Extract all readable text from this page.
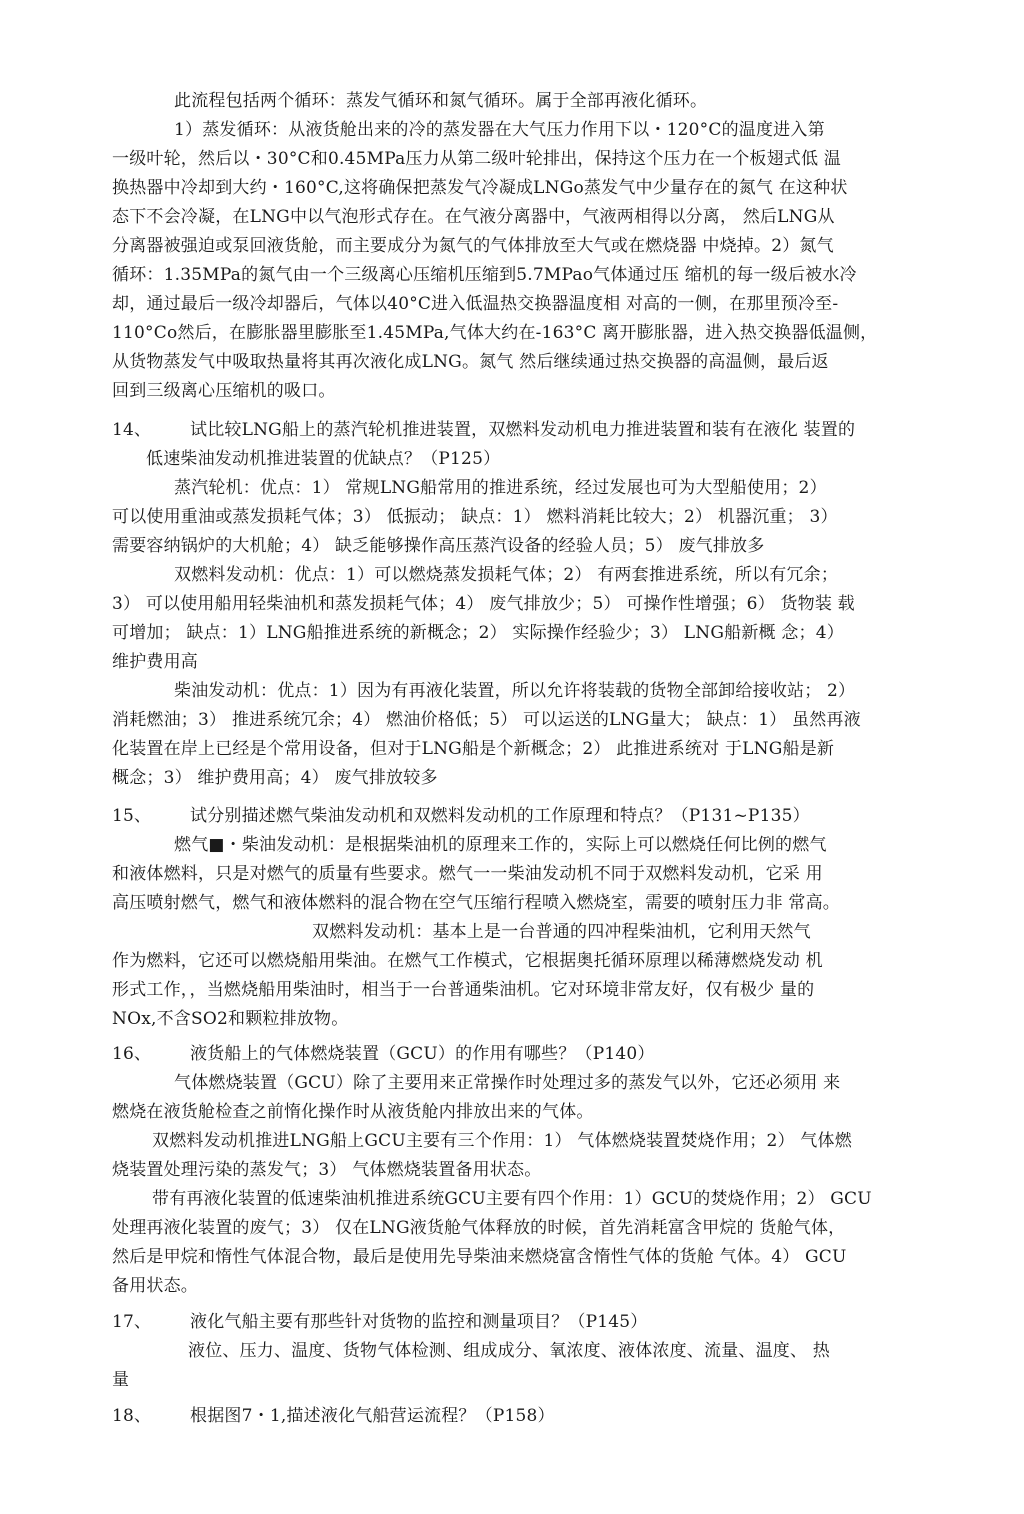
此流程包括两个循环：蒸发气循环和氮气循环。属于全部再液化循环。
1）蒸发循环：从液货舱出来的冷的蒸发器在大气压力作用下以・120°C的温度进入第
一级叶轮，然后以・30°C和0.45MPa压力从第二级叶轮排出，保持这个压力在一个板翅式低 温
换热器中冷却到大约・160°C,这将确保把蒸发气冷凝成LNGo蒸发气中少量存在的氮气 在这种状
态下不会冷凝，在LNG中以气泡形式存在。在气液分离器中，气液两相得以分离， 然后LNG从
分离器被强迫或泵回液货舱，而主要成分为氮气的气体排放至大气或在燃烧器 中烧掉。2）氮气
循环：1.35MPa的氮气由一个三级离心压缩机压缩到5.7MPao气体通过压 缩机的每一级后被水冷
却，通过最后一级冷却器后，气体以40°C进入低温热交换器温度相 对高的一侧，在那里预冷至-
110°Co然后，在膨胀器里膨胀至1.45MPa,气体大约在-163°C 离开膨胀器，进入热交换器低温侧，
从货物蒸发气中吸取热量将其再次液化成LNG。氮气 然后继续通过热交换器的高温侧，最后返
回到三级离心压缩机的吸口。
14、 试比较LNG船上的蒸汽轮机推进装置，双燃料发动机电力推进装置和装有在液化 装置的
低速柴油发动机推进装置的优缺点？（P125）
蒸汽轮机：优点：1） 常规LNG船常用的推进系统，经过发展也可为大型船使用；2）
可以使用重油或蒸发损耗气体；3） 低振动； 缺点：1） 燃料消耗比较大；2） 机器沉重； 3）
需要容纳锅炉的大机舱；4） 缺乏能够操作高压蒸汽设备的经验人员；5） 废气排放多
双燃料发动机：优点：1）可以燃烧蒸发损耗气体；2） 有两套推进系统，所以有冗余；
3） 可以使用船用轻柴油机和蒸发损耗气体；4） 废气排放少；5） 可操作性增强；6） 货物装 载
可增加； 缺点：1）LNG船推进系统的新概念；2） 实际操作经验少；3） LNG船新概 念；4）
维护费用高
柴油发动机：优点：1）因为有再液化装置，所以允许将装载的货物全部卸给接收站； 2）
消耗燃油；3） 推进系统冗余；4） 燃油价格低；5） 可以运送的LNG量大； 缺点：1） 虽然再液
化装置在岸上已经是个常用设备，但对于LNG船是个新概念；2） 此推进系统对 于LNG船是新
概念；3） 维护费用高；4） 废气排放较多
15、 试分别描述燃气柴油发动机和双燃料发动机的工作原理和特点？（P131~P135）
燃气■・柴油发动机：是根据柴油机的原理来工作的，实际上可以燃烧任何比例的燃气
和液体燃料，只是对燃气的质量有些要求。燃气一一柴油发动机不同于双燃料发动机，它采 用
高压喷射燃气，燃气和液体燃料的混合物在空气压缩行程喷入燃烧室，需要的喷射压力非 常高。
双燃料发动机：基本上是一台普通的四冲程柴油机，它利用天然气
作为燃料，它还可以燃烧船用柴油。在燃气工作模式，它根据奥托循环原理以稀薄燃烧发动 机
形式工作，，当燃烧船用柴油时，相当于一台普通柴油机。它对环境非常友好，仅有极少 量的
NOx,不含SO2和颗粒排放物。
16、 液货船上的气体燃烧装置（GCU）的作用有哪些？（P140）
气体燃烧装置（GCU）除了主要用来正常操作时处理过多的蒸发气以外，它还必须用 来
燃烧在液货舱检查之前惰化操作时从液货舱内排放出来的气体。
双燃料发动机推进LNG船上GCU主要有三个作用：1） 气体燃烧装置焚烧作用；2） 气体燃
烧装置处理污染的蒸发气；3） 气体燃烧装置备用状态。
带有再液化装置的低速柴油机推进系统GCU主要有四个作用：1）GCU的焚烧作用；2） GCU
处理再液化装置的废气；3） 仅在LNG液货舱气体释放的时候，首先消耗富含甲烷的 货舱气体，
然后是甲烷和惰性气体混合物，最后是使用先导柴油来燃烧富含惰性气体的货舱 气体。4） GCU
备用状态。
17、 液化气船主要有那些针对货物的监控和测量项目？（P145）
液位、压力、温度、货物气体检测、组成成分、氧浓度、液体浓度、流量、温度、 热
量
18、 根据图7・1,描述液化气船营运流程？（P158）
